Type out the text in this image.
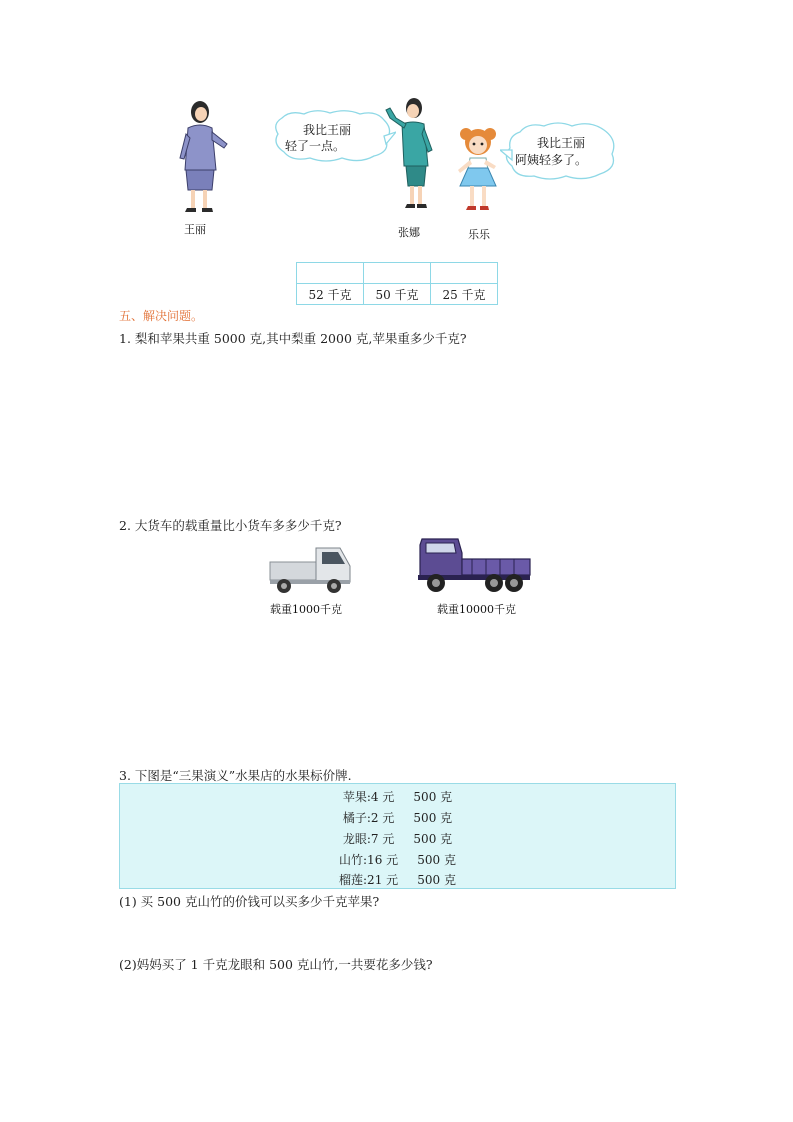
王丽
我比王丽
轻了一点。
张娜	乐乐
我比王丽
阿姨轻多了。

52 千克	50 千克	25 千克
五、解决问题。
1. 梨和苹果共重 5000 克,其中梨重 2000 克,苹果重多少千克?
2. 大货车的载重量比小货车多多少千克?
载重1000千克	载重10000千克
3. 下图是“三果演义”水果店的水果标价牌.
苹果:4 元 500 克
橘子:2 元 500 克
龙眼:7 元 500 克
山竹:16 元 500 克
榴莲:21 元 500 克
(1) 买 500 克山竹的价钱可以买多少千克苹果?
(2)妈妈买了 1 千克龙眼和 500 克山竹,一共要花多少钱?
